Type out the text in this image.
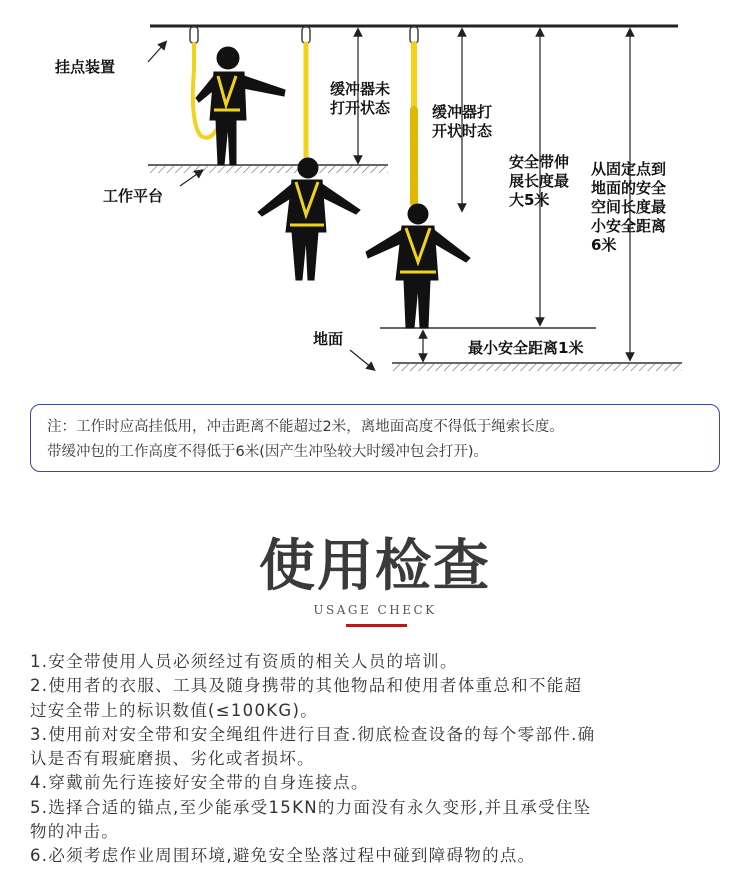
挂点装置
工作平台
地面
缓冲器未
打开状态	缓冲器打
开状时态
安全带伸
展长度最
大5米
从固定点到
地面的安全
空间长度最
小安全距离
6米
最小安全距离1米

注：工作时应高挂低用，冲击距离不能超过2米，离地面高度不得低于绳索长度。

带缓冲包的工作高度不得低于6米(因产生冲坠较大时缓冲包会打开)。

使用检查
USAGE CHECK
1.安全带使用人员必须经过有资质的相关人员的培训。
2.使用者的衣服、工具及随身携带的其他物品和使用者体重总和不能超
过安全带上的标识数值(≤100KG)。
3.使用前对安全带和安全绳组件进行目查.彻底检查设备的每个零部件.确
认是否有瑕疵磨损、劣化或者损坏。
4.穿戴前先行连接好安全带的自身连接点。
5.选择合适的锚点,至少能承受15KN的力面没有永久变形,并且承受住坠
物的冲击。
6.必须考虑作业周围环境,避免安全坠落过程中碰到障碍物的点。
